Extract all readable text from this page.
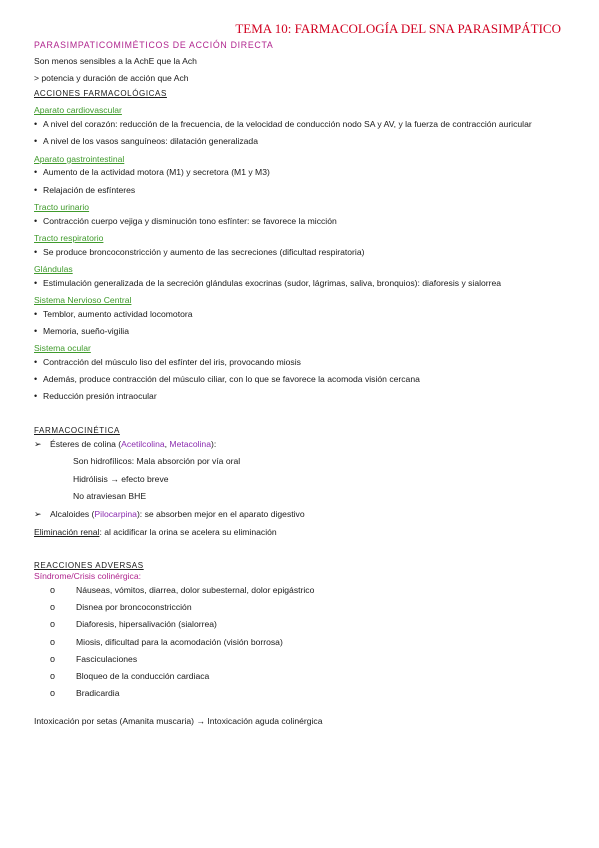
TEMA 10: FARMACOLOGÍA DEL SNA PARASIMPÁTICO
PARASIMPATICOMIMÉTICOS DE ACCIÓN DIRECTA

Son menos sensibles a la AchE que la Ach

> potencia y duración de acción que Ach

ACCIONES FARMACOLÓGICAS
Aparato cardiovascular
• A nivel del corazón: reducción de la frecuencia, de la velocidad de conducción nodo SA y AV, y la fuerza de contracción auricular
• A nivel de los vasos sanguíneos: dilatación generalizada
Aparato gastrointestinal
• Aumento de la actividad motora (M1) y secretora (M1 y M3)
• Relajación de esfínteres
Tracto urinario
• Contracción cuerpo vejiga y disminución tono esfínter: se favorece la micción
Tracto respiratorio
• Se produce broncoconstricción y aumento de las secreciones (dificultad respiratoria)
Glándulas
• Estimulación generalizada de la secreción glándulas exocrinas (sudor, lágrimas, saliva, bronquios): diaforesis y sialorrea
Sistema Nervioso Central
• Temblor, aumento actividad locomotora
• Memoria, sueño-vigilia
Sistema ocular
• Contracción del músculo liso del esfínter del iris, provocando miosis
• Además, produce contracción del músculo ciliar, con lo que se favorece la acomoda visión cercana
• Reducción presión intraocular
FARMACOCINÉTICA
➢ Ésteres de colina (Acetilcolina, Metacolina):

Son hidrofílicos: Mala absorción por vía oral

Hidrólisis → efecto breve

No atraviesan BHE

➢ Alcaloides (Pilocarpina): se absorben mejor en el aparato digestivo

Eliminación renal: al acidificar la orina se acelera su eliminación

REACCIONES ADVERSAS
Síndrome/Crisis colinérgica:
o	Náuseas, vómitos, diarrea, dolor subesternal, dolor epigástrico
o	Disnea por broncoconstricción
o	Diaforesis, hipersalivación (sialorrea)
o	Miosis, dificultad para la acomodación (visión borrosa)
o	Fasciculaciones
o	Bloqueo de la conducción cardiaca
o	Bradicardia

Intoxicación por setas (Amanita muscaria) → Intoxicación aguda colinérgica
